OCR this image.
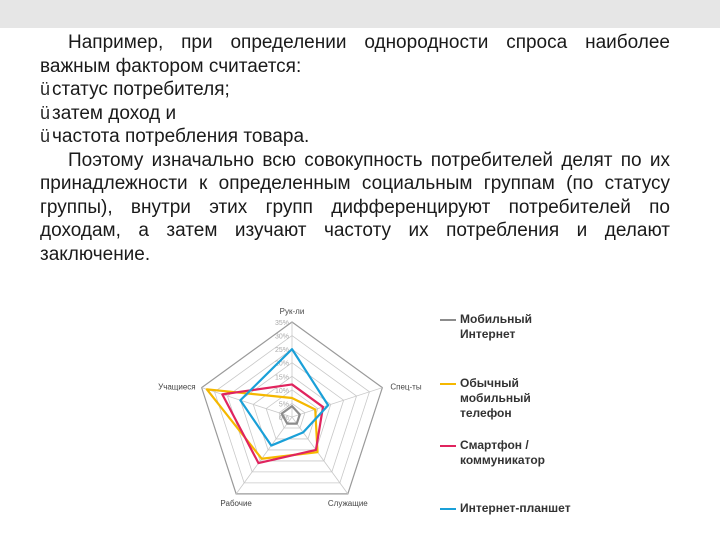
Например, при определении однородности спроса наиболее важным фактором считается:

ü статус потребителя;
ü затем доход и
ü частота потребления товара.

Поэтому изначально всю совокупность потребителей делят по их принадлежности к определенным социальным группам (по статусу группы), внутри этих групп дифференцируют потребителей по доходам, а затем изучают частоту их потребления и делают заключение.

0%
5%
10%
15%
20%
25%
30%
35%
Рук-ли
Спец-ты
Служащие
Рабочие
Учащиеся
Мобильный Интернет
Обычный мобильный телефон
Смартфон / коммуникатор
Интернет-планшет
